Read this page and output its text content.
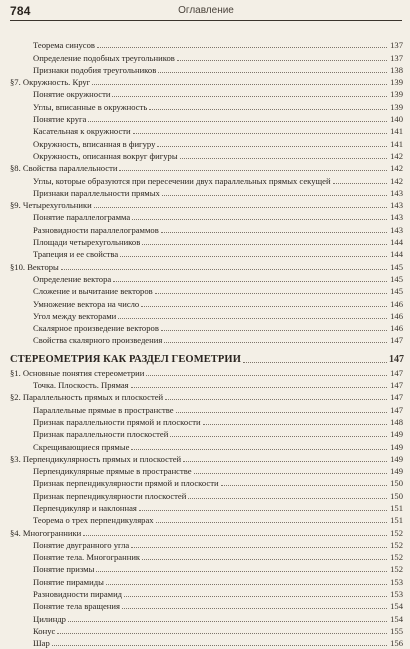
784	Оглавление
Теорема синусов	137
Определение подобных треугольников	137
Признаки подобия треугольников	138
§7. Окружность. Круг	139
Понятие окружности	139
Углы, вписанные в окружность	139
Понятие круга	140
Касательная к окружности	141
Окружность, вписанная в фигуру	141
Окружность, описанная вокруг фигуры	142
§8. Свойства параллельности	142
Углы, которые образуются при пересечении двух параллельных прямых секущей	142
Признаки параллельности прямых	143
§9. Четырехугольники	143
Понятие параллелограмма	143
Разновидности параллелограммов	143
Площади четырехугольников	144
Трапеция и ее свойства	144
§10. Векторы	145
Определение вектора	145
Сложение и вычитание векторов	145
Умножение вектора на число	146
Угол между векторами	146
Скалярное произведение векторов	146
Свойства скалярного произведения	147
СТЕРЕОМЕТРИЯ КАК РАЗДЕЛ ГЕОМЕТРИИ	147
§1. Основные понятия стереометрии	147
Точка. Плоскость. Прямая	147
§2. Параллельность прямых и плоскостей	147
Параллельные прямые в пространстве	147
Признак параллельности прямой и плоскости	148
Признак параллельности плоскостей	149
Скрещивающиеся прямые	149
§3. Перпендикулярность прямых и плоскостей	149
Перпендикулярные прямые в пространстве	149
Признак перпендикулярности прямой и плоскости	150
Признак перпендикулярности плоскостей	150
Перпендикуляр и наклонная	151
Теорема о трех перпендикулярах	151
§4. Многогранники	152
Понятие двугранного угла	152
Понятие тела. Многогранник	152
Понятие призмы	152
Понятие пирамиды	153
Разновидности пирамид	153
Понятие тела вращения	154
Цилиндр	154
Конус	155
Шар	156
